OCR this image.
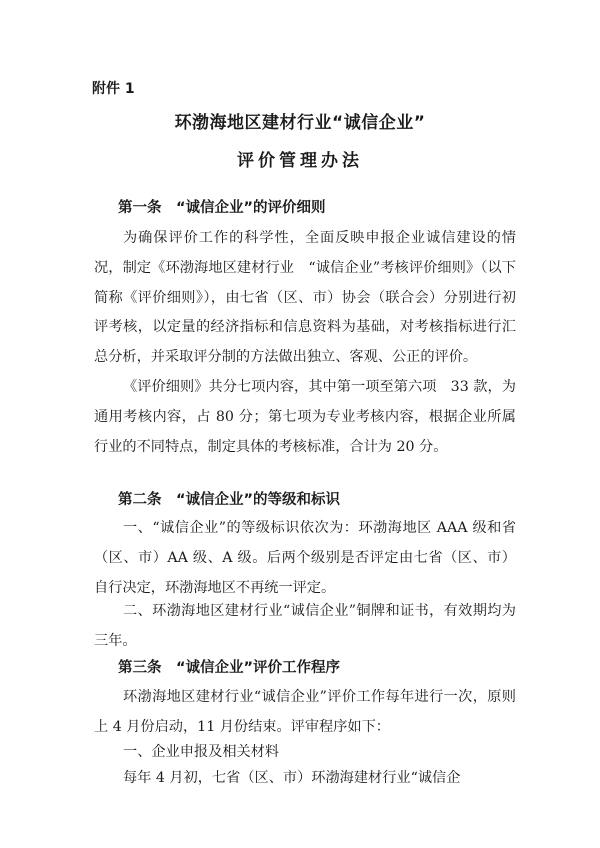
附件 1
环渤海地区建材行业“诚信企业”
评价管理办法
第一条　“诚信企业”的评价细则

为确保评价工作的科学性，全面反映申报企业诚信建设的情况，制定《环渤海地区建材行业　“诚信企业”考核评价细则》（以下简称《评价细则》），由七省（区、市）协会（联合会）分别进行初评考核，以定量的经济指标和信息资料为基础，对考核指标进行汇总分析，并采取评分制的方法做出独立、客观、公正的评价。

《评价细则》共分七项内容，其中第一项至第六项　33 款，为通用考核内容，占 80 分；第七项为专业考核内容，根据企业所属行业的不同特点，制定具体的考核标准，合计为 20 分。

第二条　“诚信企业”的等级和标识

一、“诚信企业”的等级标识依次为：环渤海地区 AAA 级和省（区、市）AA 级、A 级。后两个级别是否评定由七省（区、市）自行决定，环渤海地区不再统一评定。

二、环渤海地区建材行业“诚信企业”铜牌和证书，有效期均为三年。

第三条　“诚信企业”评价工作程序

环渤海地区建材行业“诚信企业”评价工作每年进行一次，原则上 4 月份启动，11 月份结束。评审程序如下：

一、企业申报及相关材料

每年 4 月初，七省（区、市）环渤海建材行业“诚信企
